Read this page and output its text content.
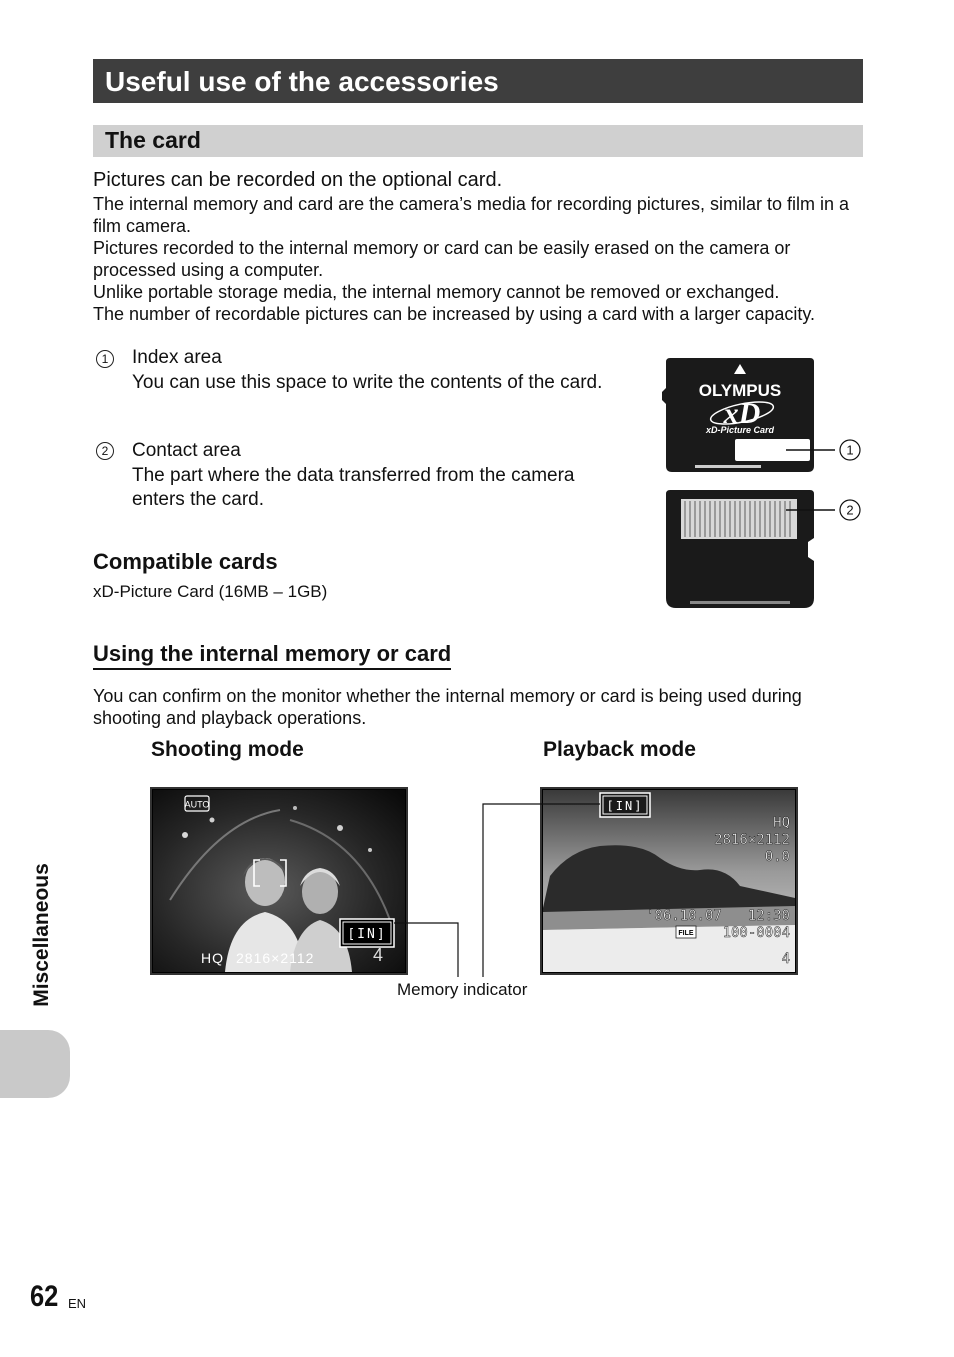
Useful use of the accessories
The card
Pictures can be recorded on the optional card.
The internal memory and card are the camera’s media for recording pictures, similar to film in a film camera.
Pictures recorded to the internal memory or card can be easily erased on the camera or processed using a computer.
Unlike portable storage media, the internal memory cannot be removed or exchanged.
The number of recordable pictures can be increased by using a card with a larger capacity.
1 Index area
You can use this space to write the contents of the card.
2 Contact area
The part where the data transferred from the camera enters the card.
OLYMPUS
xD
xD-Picture Card
1
2
Compatible cards
xD-Picture Card (16MB – 1GB)
Using the internal memory or card
You can confirm on the monitor whether the internal memory or card is being used during shooting and playback operations.
Shooting mode	Playback mode
AUTO
[IN]
HQ 2816×2112	4
[IN]
HQ
2816×2112
0.0
'06.10.07 12:30
FILE 100-0004
4
Memory indicator
Miscellaneous
62 EN
